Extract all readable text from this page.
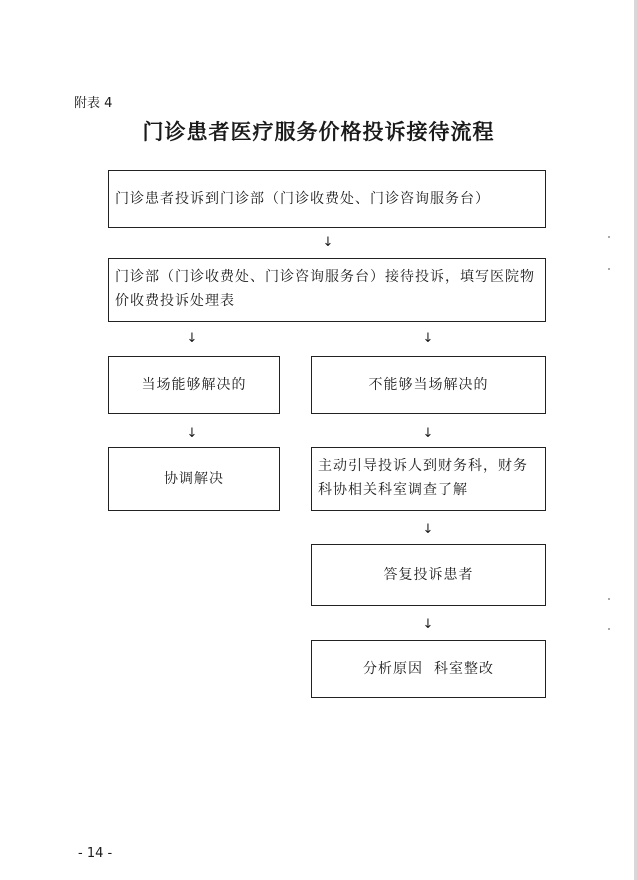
附表 4
门诊患者医疗服务价格投诉接待流程
门诊患者投诉到门诊部（门诊收费处、门诊咨询服务台）
↓
门诊部（门诊收费处、门诊咨询服务台）接待投诉，填写医院物价收费投诉处理表
↓	↓
当场能够解决的
↓
协调解决
不能够当场解决的
↓
主动引导投诉人到财务科，财务科协相关科室调查了解
↓
答复投诉患者
↓
分析原因  科室整改
- 14 -
